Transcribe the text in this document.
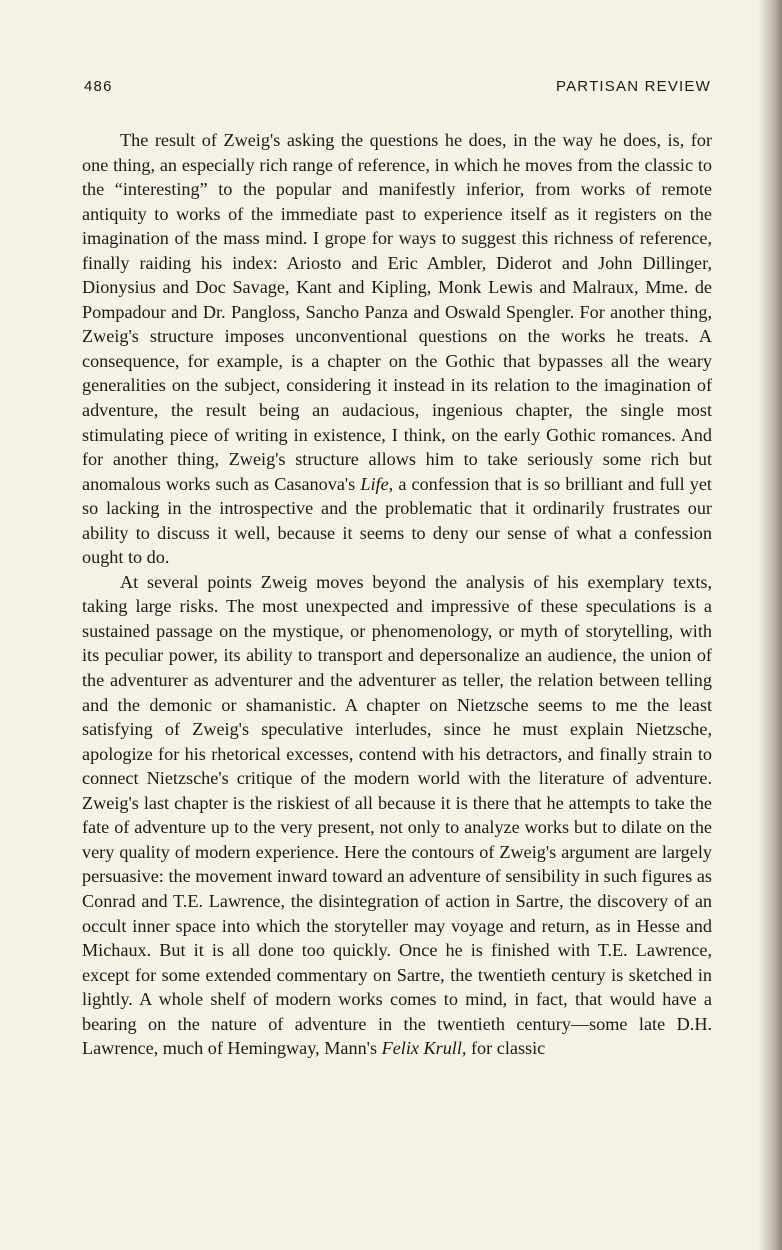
486	PARTISAN REVIEW

The result of Zweig's asking the questions he does, in the way he does, is, for one thing, an especially rich range of reference, in which he moves from the classic to the “interesting” to the popular and manifestly inferior, from works of remote antiquity to works of the immediate past to experience itself as it registers on the imagination of the mass mind. I grope for ways to suggest this richness of reference, finally raiding his index: Ariosto and Eric Ambler, Diderot and John Dillinger, Dionysius and Doc Savage, Kant and Kipling, Monk Lewis and Malraux, Mme. de Pompadour and Dr. Pangloss, Sancho Panza and Oswald Spengler. For another thing, Zweig's structure imposes unconventional questions on the works he treats. A consequence, for example, is a chapter on the Gothic that bypasses all the weary generalities on the subject, considering it instead in its relation to the imagination of adventure, the result being an audacious, ingenious chapter, the single most stimulating piece of writing in existence, I think, on the early Gothic romances. And for another thing, Zweig's structure allows him to take seriously some rich but anomalous works such as Casanova's Life, a confession that is so brilliant and full yet so lacking in the introspective and the problematic that it ordinarily frustrates our ability to discuss it well, because it seems to deny our sense of what a confession ought to do.

At several points Zweig moves beyond the analysis of his exemplary texts, taking large risks. The most unexpected and impressive of these speculations is a sustained passage on the mystique, or phenomenology, or myth of storytelling, with its peculiar power, its ability to transport and depersonalize an audience, the union of the adventurer as adventurer and the adventurer as teller, the relation between telling and the demonic or shamanistic. A chapter on Nietzsche seems to me the least satisfying of Zweig's speculative interludes, since he must explain Nietzsche, apologize for his rhetorical excesses, contend with his detractors, and finally strain to connect Nietzsche's critique of the modern world with the literature of adventure. Zweig's last chapter is the riskiest of all because it is there that he attempts to take the fate of adventure up to the very present, not only to analyze works but to dilate on the very quality of modern experience. Here the contours of Zweig's argument are largely persuasive: the movement inward toward an adventure of sensibility in such figures as Conrad and T.E. Lawrence, the disintegration of action in Sartre, the discovery of an occult inner space into which the storyteller may voyage and return, as in Hesse and Michaux. But it is all done too quickly. Once he is finished with T.E. Lawrence, except for some extended commentary on Sartre, the twentieth century is sketched in lightly. A whole shelf of modern works comes to mind, in fact, that would have a bearing on the nature of adventure in the twentieth century—some late D.H. Lawrence, much of Hemingway, Mann's Felix Krull, for classic
